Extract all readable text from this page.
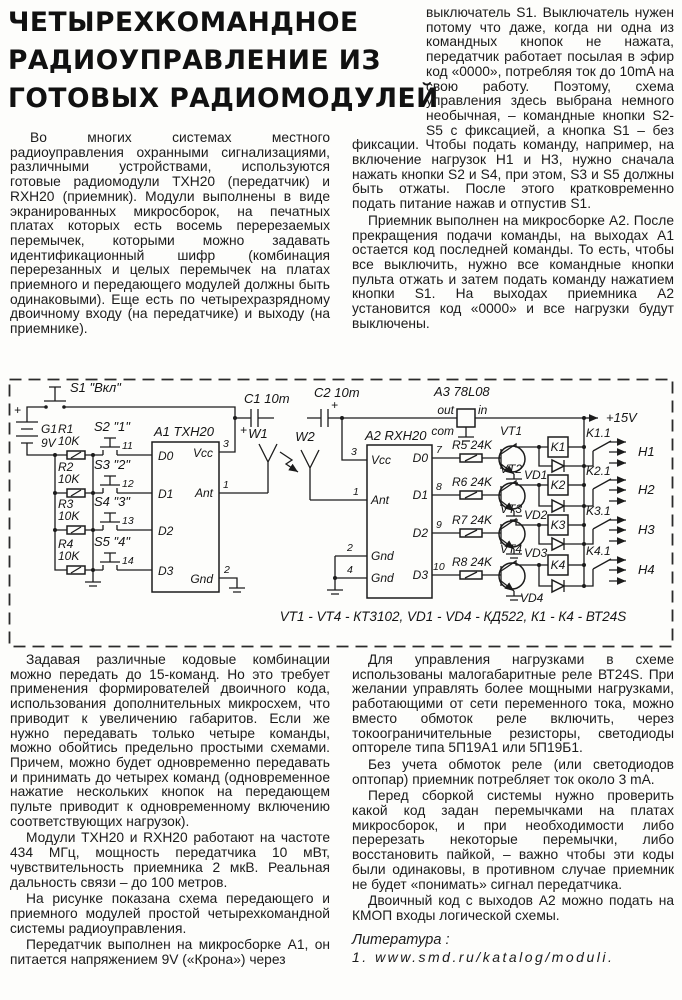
ЧЕТЫРЕХКОМАНДНОЕ
РАДИОУПРАВЛЕНИЕ ИЗ
ГОТОВЫХ РАДИОМОДУЛЕЙ

выключатель S1. Выключатель нужен потому что даже, когда ни одна из командных кнопок не нажата, передатчик работает посылая в эфир код «0000», потребляя ток до 10mA на свою работу. Поэтому, схема управления здесь выбрана немного необычная, – командные кнопки S2-S5 с фиксацией, а кнопка S1 – без фиксации. Чтобы подать команду, например, на включение нагрузок Н1 и Н3, нужно сначала нажать кнопки S2 и S4, при этом, S3 и S5 должны быть отжаты. После этого кратковременно подать питание нажав и отпустив S1.

Приемник выполнен на микросборке А2. После прекращения подачи команды, на выходах А1 остается код последней команды. То есть, чтобы все выключить, нужно все командные кнопки пульта отжать и затем подать команду нажатием кнопки S1. На выходах приемника А2 установится код «0000» и все нагрузки будут выключены.

Во многих системах местного радиоуправления охранными сигнализациями, различными устройствами, используются готовые радиомодули TXH20 (передатчик) и RXH20 (приемник). Модули выполнены в виде экранированных микросборок, на печатных платах которых есть восемь перерезаемых перемычек, которыми можно задавать идентификационный шифр (комбинация перерезанных и целых перемычек на платах приемного и передающего модулей должны быть одинаковыми). Еще есть по четырехразрядному двоичному входу (на передатчике) и выходу (на приемнике).

+
S1 "Вкл"
G1
9V
R1
10K
R2
10K
R3
10K
R4
10K
S2 "1"
S3 "2"
S4 "3"
S5 "4"
11
12
13
14
A1 TXH20
D0
D1
D2
D3
Vcc
Ant
Gnd
3
1
2
C1 10m
+ W1 W2
C2 10m
+
A3 78L08
out in
com
+15V
A2 RXH20
Vcc
Ant
Gnd
Gnd
D0
D1
D2
D3
3
1
2
4
7
8
9
10
R5 24K
R6 24K
R7 24K
R8 24K
VT1
VT2
VT3
VT4
VD1
VD2
VD3
VD4
K1
K2
K3
K4
K1.1
K2.1
K3.1
K4.1
H1
H2
H3
H4
VT1 - VT4 - КТ3102, VD1 - VD4 - КД522, К1 - К4 - ВТ24S

Задавая различные кодовые комбинации можно передать до 15-команд. Но это требует применения формирователей двоичного кода, использования дополнительных микросхем, что приводит к увеличению габаритов. Если же нужно передавать только четыре команды, можно обойтись предельно простыми схемами. Причем, можно будет одновременно передавать и принимать до четырех команд (одновременное нажатие нескольких кнопок на передающем пульте приводит к одновременному включению соответствующих нагрузок).

Модули TXH20 и RXH20 работают на частоте 434 МГц, мощность передатчика 10 мВт, чувствительность приемника 2 мкВ. Реальная дальность связи – до 100 метров.

На рисунке показана схема передающего и приемного модулей простой четырехкомандной системы радиоуправления.

Передатчик выполнен на микросборке А1, он питается напряжением 9V («Крона») через

Для управления нагрузками в схеме использованы малогабаритные реле ВТ24S. При желании управлять более мощными нагрузками, работающими от сети переменного тока, можно вместо обмоток реле включить, через токоограничительные резисторы, светодиоды оптореле типа 5П19А1 или 5П19Б1.

Без учета обмоток реле (или светодиодов оптопар) приемник потребляет ток около 3 mA.

Перед сборкой системы нужно проверить какой код задан перемычками на платах микросборок, и при необходимости либо перерезать некоторые перемычки, либо восстановить пайкой, – важно чтобы эти коды были одинаковы, в противном случае приемник не будет «понимать» сигнал передатчика.

Двоичный код с выходов А2 можно подать на КМОП входы логической схемы.

Литература :

1. www.smd.ru/katalog/moduli.
